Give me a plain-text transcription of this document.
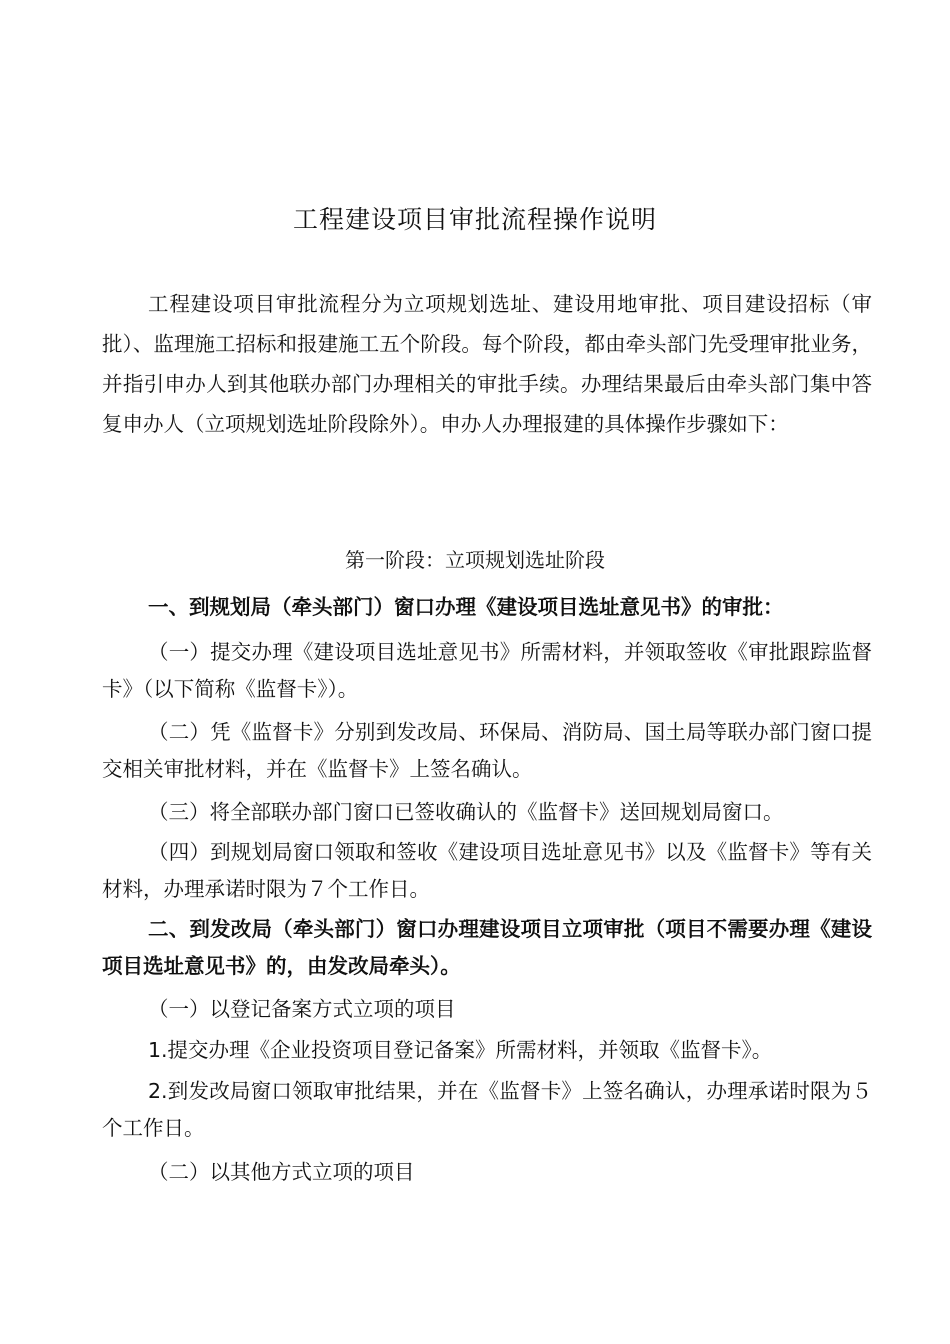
工程建设项目审批流程操作说明

工程建设项目审批流程分为立项规划选址、建设用地审批、项目建设招标（审批）、监理施工招标和报建施工五个阶段。每个阶段，都由牵头部门先受理审批业务，并指引申办人到其他联办部门办理相关的审批手续。办理结果最后由牵头部门集中答复申办人（立项规划选址阶段除外）。申办人办理报建的具体操作步骤如下：

第一阶段：立项规划选址阶段

一、到规划局（牵头部门）窗口办理《建设项目选址意见书》的审批：

（一）提交办理《建设项目选址意见书》所需材料，并领取签收《审批跟踪监督卡》（以下简称《监督卡》）。

（二）凭《监督卡》分别到发改局、环保局、消防局、国土局等联办部门窗口提交相关审批材料，并在《监督卡》上签名确认。

（三）将全部联办部门窗口已签收确认的《监督卡》送回规划局窗口。

（四）到规划局窗口领取和签收《建设项目选址意见书》以及《监督卡》等有关材料，办理承诺时限为７个工作日。

二、到发改局（牵头部门）窗口办理建设项目立项审批（项目不需要办理《建设项目选址意见书》的，由发改局牵头）。

（一）以登记备案方式立项的项目

1.提交办理《企业投资项目登记备案》所需材料，并领取《监督卡》。

2.到发改局窗口领取审批结果，并在《监督卡》上签名确认，办理承诺时限为５个工作日。

（二）以其他方式立项的项目
